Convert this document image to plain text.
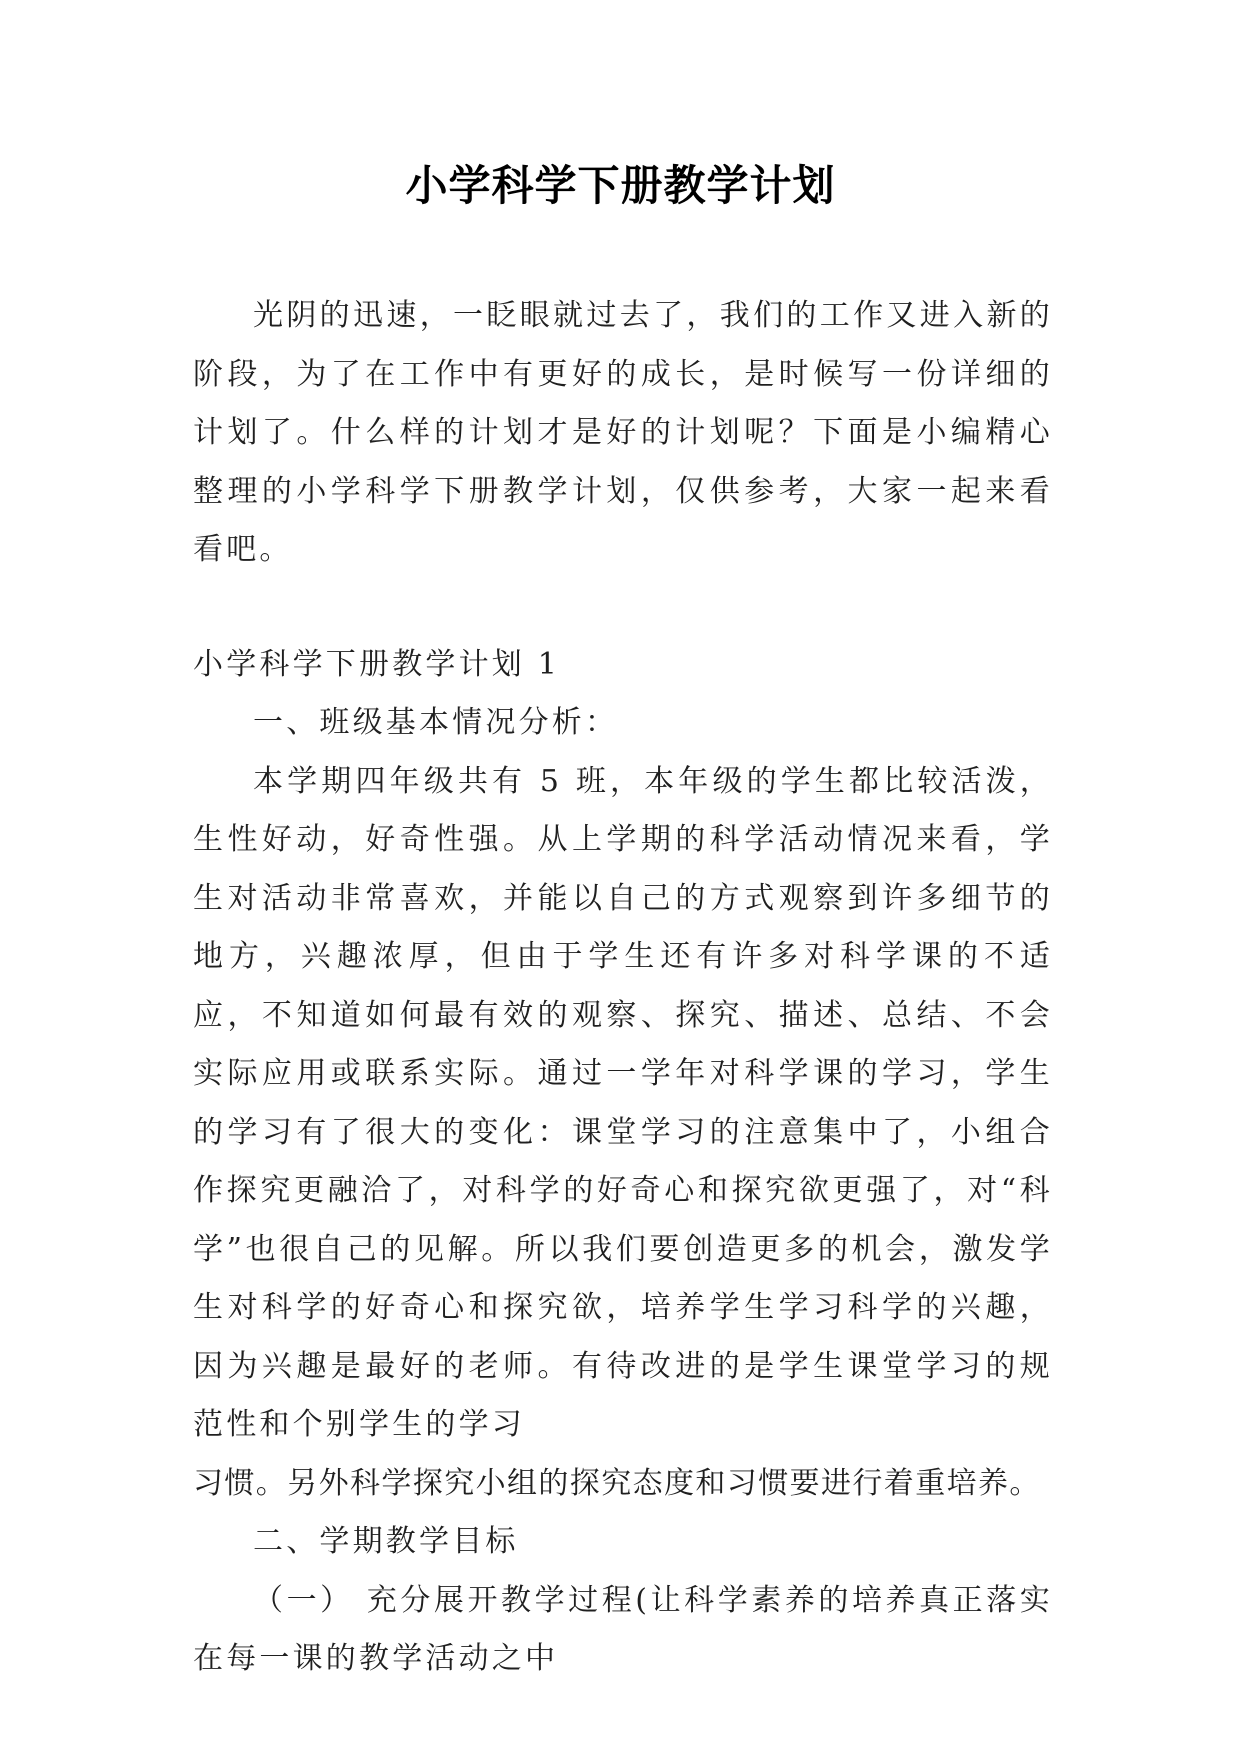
小学科学下册教学计划

光阴的迅速，一眨眼就过去了，我们的工作又进入新的阶段，为了在工作中有更好的成长，是时候写一份详细的计划了。什么样的计划才是好的计划呢？下面是小编精心整理的小学科学下册教学计划，仅供参考，大家一起来看看吧。

小学科学下册教学计划 1

一、班级基本情况分析：

本学期四年级共有 5 班，本年级的学生都比较活泼，生性好动，好奇性强。从上学期的科学活动情况来看，学生对活动非常喜欢，并能以自己的方式观察到许多细节的地方，兴趣浓厚，但由于学生还有许多对科学课的不适应，不知道如何最有效的观察、探究、描述、总结、不会实际应用或联系实际。通过一学年对科学课的学习，学生的学习有了很大的变化：课堂学习的注意集中了，小组合作探究更融洽了，对科学的好奇心和探究欲更强了，对“科学”也很自己的见解。所以我们要创造更多的机会，激发学生对科学的好奇心和探究欲，培养学生学习科学的兴趣，因为兴趣是最好的老师。有待改进的是学生课堂学习的规范性和个别学生的学习

习惯。另外科学探究小组的探究态度和习惯要进行着重培养。

二、学期教学目标

（一） 充分展开教学过程(让科学素养的培养真正落实在每一课的教学活动之中
